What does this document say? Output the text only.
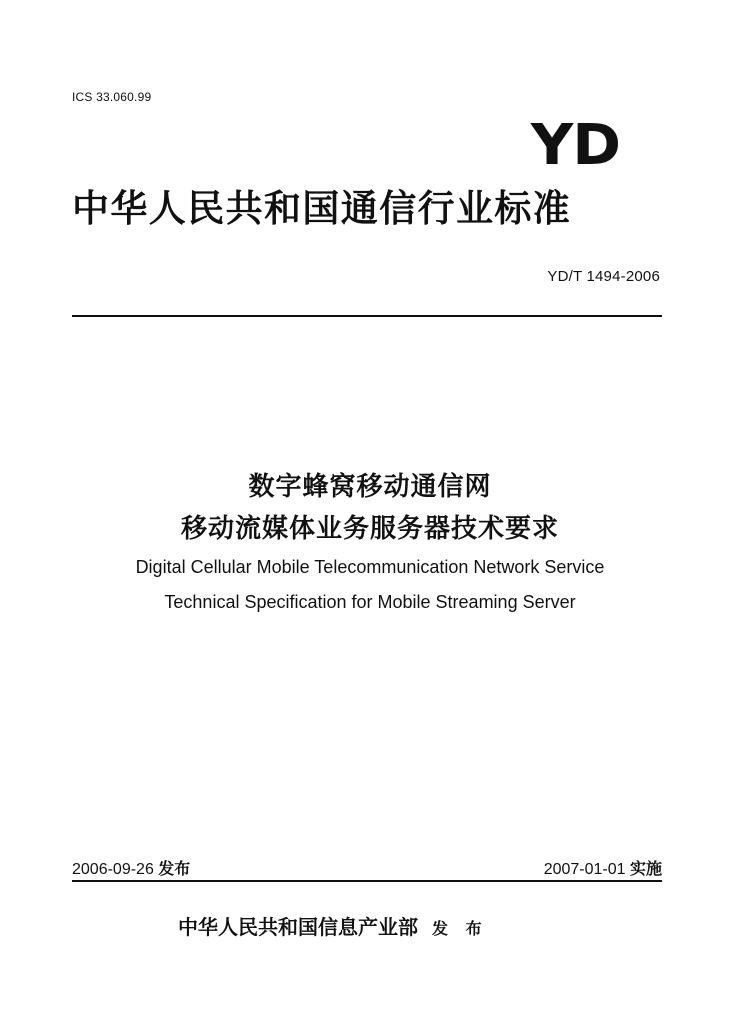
ICS 33.060.99
YD
中华人民共和国通信行业标准
YD/T 1494-2006
数字蜂窝移动通信网
移动流媒体业务服务器技术要求
Digital Cellular Mobile Telecommunication Network Service
Technical Specification for Mobile Streaming Server
2006-09-26 发布	2007-01-01 实施
中华人民共和国信息产业部 发 布
